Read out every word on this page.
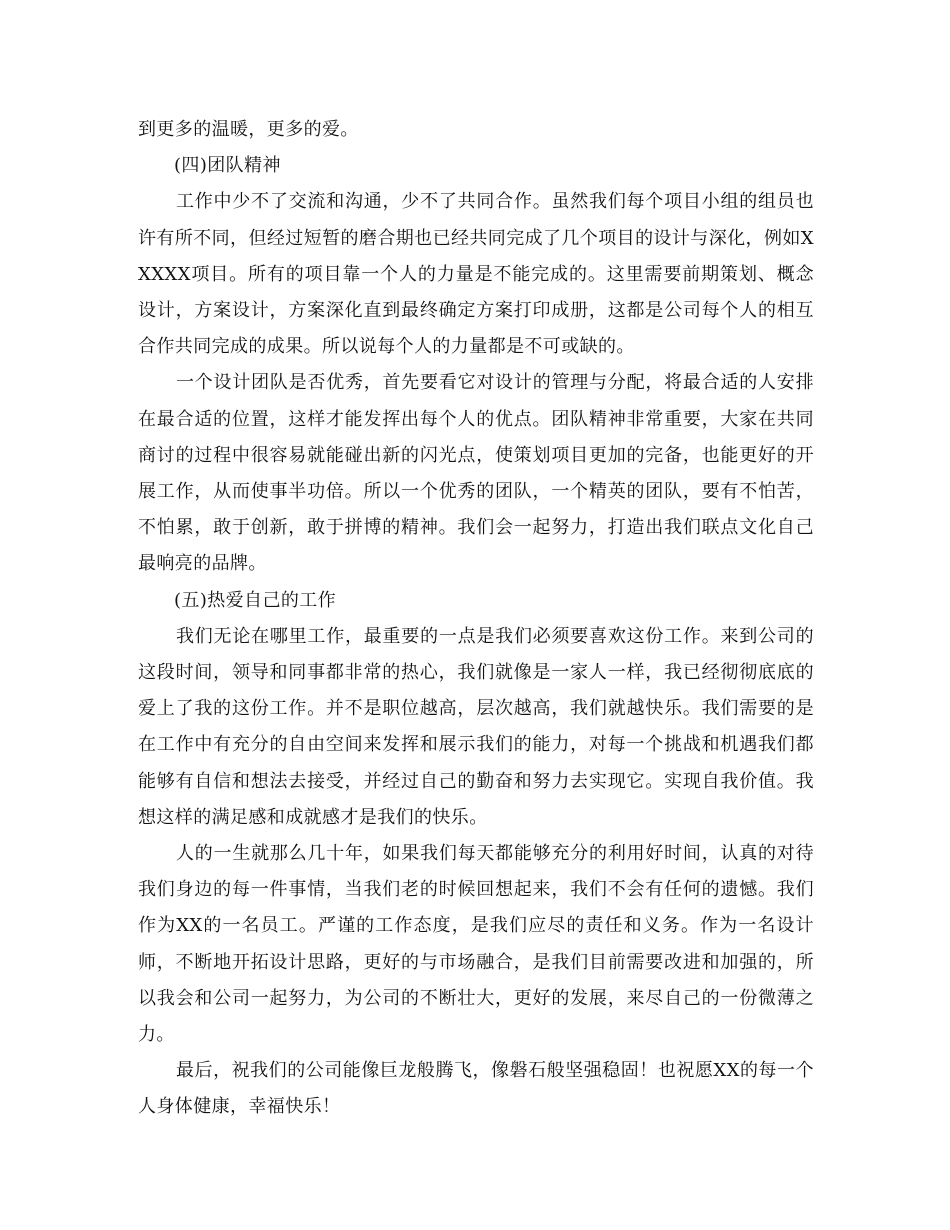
到更多的温暖，更多的爱。

(四)团队精神

工作中少不了交流和沟通，少不了共同合作。虽然我们每个项目小组的组员也许有所不同，但经过短暂的磨合期也已经共同完成了几个项目的设计与深化，例如XXXXX项目。所有的项目靠一个人的力量是不能完成的。这里需要前期策划、概念设计，方案设计，方案深化直到最终确定方案打印成册，这都是公司每个人的相互合作共同完成的成果。所以说每个人的力量都是不可或缺的。

一个设计团队是否优秀，首先要看它对设计的管理与分配，将最合适的人安排在最合适的位置，这样才能发挥出每个人的优点。团队精神非常重要，大家在共同商讨的过程中很容易就能碰出新的闪光点，使策划项目更加的完备，也能更好的开展工作，从而使事半功倍。所以一个优秀的团队，一个精英的团队，要有不怕苦，不怕累，敢于创新，敢于拼博的精神。我们会一起努力，打造出我们联点文化自己最响亮的品牌。

(五)热爱自己的工作

我们无论在哪里工作，最重要的一点是我们必须要喜欢这份工作。来到公司的这段时间，领导和同事都非常的热心，我们就像是一家人一样，我已经彻彻底底的爱上了我的这份工作。并不是职位越高，层次越高，我们就越快乐。我们需要的是在工作中有充分的自由空间来发挥和展示我们的能力，对每一个挑战和机遇我们都能够有自信和想法去接受，并经过自己的勤奋和努力去实现它。实现自我价值。我想这样的满足感和成就感才是我们的快乐。

人的一生就那么几十年，如果我们每天都能够充分的利用好时间，认真的对待我们身边的每一件事情，当我们老的时候回想起来，我们不会有任何的遗憾。我们作为XX的一名员工。严谨的工作态度，是我们应尽的责任和义务。作为一名设计师，不断地开拓设计思路，更好的与市场融合，是我们目前需要改进和加强的，所以我会和公司一起努力，为公司的不断壮大，更好的发展，来尽自己的一份微薄之力。

最后，祝我们的公司能像巨龙般腾飞，像磐石般坚强稳固！也祝愿XX的每一个人身体健康，幸福快乐！
